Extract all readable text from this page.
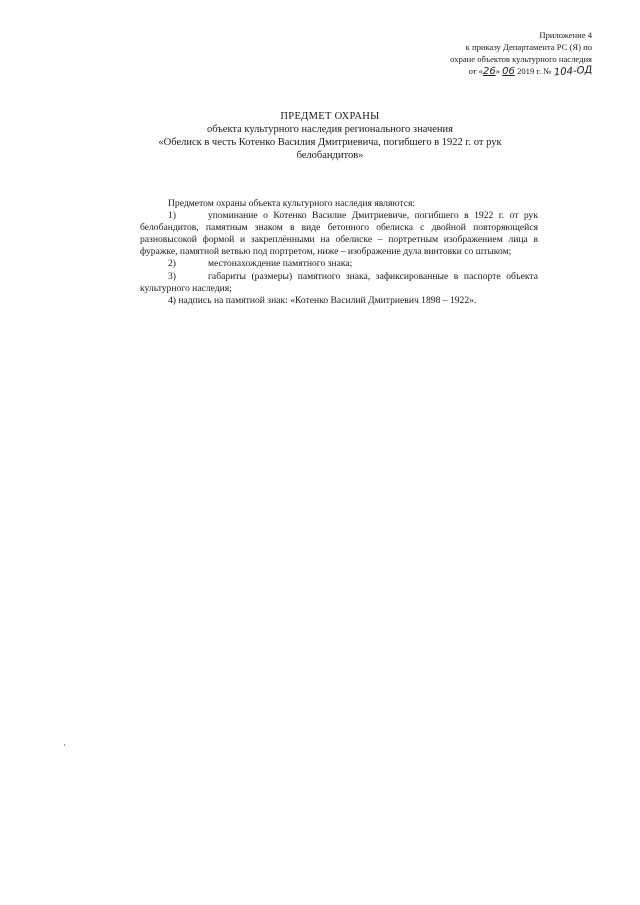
Приложение 4
к приказу Департамента РС (Я) по
охране объектов культурного наследия
от «26» 06 2019 г. № 104-ОД
ПРЕДМЕТ ОХРАНЫ
объекта культурного наследия регионального значения
«Обелиск в честь Котенко Василия Дмитриевича, погибшего в 1922 г. от рук
белобандитов»
Предметом охраны объекта культурного наследия являются:
1)	упоминание о Котенко Василие Дмитриевиче, погибшего в 1922 г. от рук белобандитов, памятным знаком в виде бетонного обелиска с двойной повторяющейся разновысокой формой и закреплёнными на обелиске – портретным изображением лица в фуражке, памятной ветвью под портретом, ниже – изображение дула винтовки со штыком;
2)	местонахождение памятного знака;
3)	габариты (размеры) памятного знака, зафиксированные в паспорте объекта культурного наследия;
4) надпись на памятной знак: «Котенко Василий Дмитриевич 1898 – 1922».
